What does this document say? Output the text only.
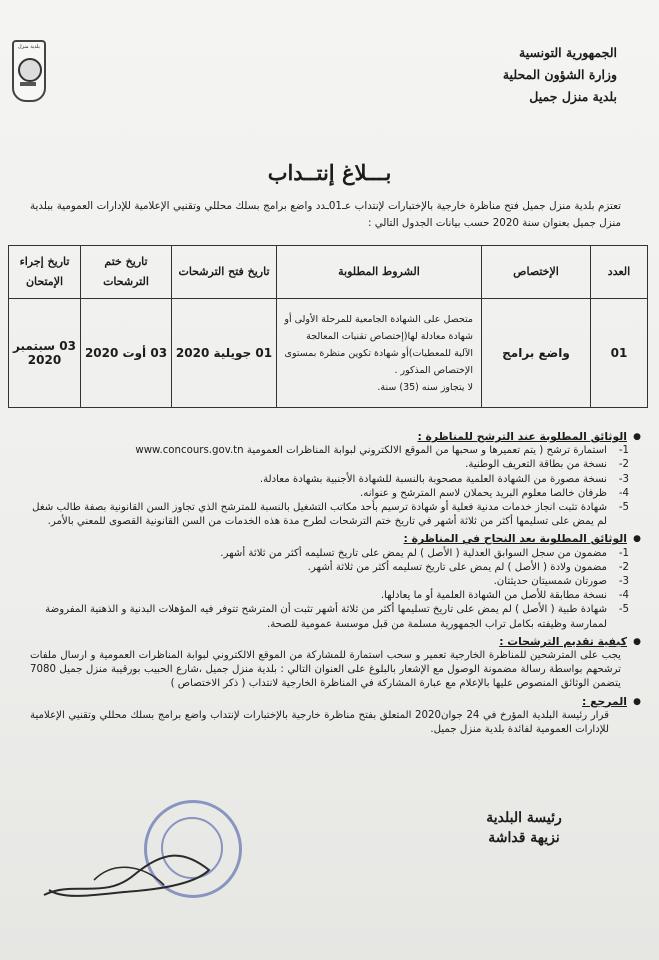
بلدية منزل	الجمهورية التونسية
وزارة الشؤون المحلية
بلدية منزل جميل
بـــلاغ إنتــداب
تعتزم بلدية منزل جميل فتح مناظرة خارجية بالإختبارات لإنتداب عـ01ـدد واضع برامج بسلك محللي وتقنيي الإعلامية للإدارات العمومية ببلدية منزل جميل بعنوان سنة 2020 حسب بيانات الجدول التالي :
العدد	الإختصاص	الشروط المطلوبة	تاريخ فتح الترشحات	تاريخ ختم الترشحات	تاريخ إجراء الإمتحان
01	واضع برامج	متحصل على الشهادة الجامعية للمرحلة الأولى أو
شهادة معادلة لها(إختصاص تقنيات المعالجة
الآلية للمعطيات)أو شهادة تكوين منظرة بمستوى
الإختصاص المذكور .
لا يتجاوز سنه (35) سنة.	01 جويلية 2020	03 أوت 2020	03 سبتمبر 2020
●
الوثائق المطلوبة عند الترشح للمناظرة :
1-
استمارة ترشح ( يتم تعميرها و سحبها من الموقع الالكتروني لبوابة المناظرات العمومية www.concours.gov.tn
2-
نسخة من بطاقة التعريف الوطنية.
3-
نسخة مصورة من الشهادة العلمية مصحوبة بالنسبة للشهادة الأجنبية بشهادة معادلة.
4-
ظرفان خالصا معلوم البريد يحملان لاسم المترشح و عنوانه.
5-
شهادة تثبت انجاز خدمات مدنية فعلية أو شهادة ترسيم بأحد مكاتب التشغيل بالنسبة للمترشح الذي تجاوز السن القانونية بصفة طالب شغل لم يمض على تسليمها أكثر من ثلاثة أشهر في تاريخ ختم الترشحات لطرح مدة هذه الخدمات من السن القانونية القصوى للمعني بالأمر.
●
الوثائق المطلوبة بعد النجاح في المناظرة :
1-
مضمون من سجل السوابق العدلية ( الأصل ) لم يمض على تاريخ تسليمه أكثر من ثلاثة أشهر.
2-
مضمون ولادة ( الأصل ) لم يمض على تاريخ تسليمه أكثر من ثلاثة أشهر.
3-
صورتان شمسيتان حديثتان.
4-
نسخة مطابقة للأصل من الشهادة العلمية أو ما يعادلها.
5-
شهادة طبية ( الأصل ) لم يمض على تاريخ تسليمها أكثر من ثلاثة أشهر تثبت أن المترشح تتوفر فيه المؤهلات البدنية و الذهنية المفروضة لممارسة وظيفته بكامل تراب الجمهورية مسلمة من قبل موسسة عمومية للصحة.
●
كيفية تقديم الترشحات :
يجب على المترشحين للمناظرة الخارجية تعمير و سحب استمارة للمشاركة من الموقع الالكتروني لبوابة المناظرات العمومية و ارسال ملفات ترشحهم بواسطة رسالة مضمونة الوصول مع الإشعار بالبلوغ على العنوان التالي : بلدية منزل جميل ،شارع الحبيب بورقيبة منزل جميل 7080 يتضمن الوثائق المنصوص عليها بالإعلام مع عبارة المشاركة في المناظرة الخارجية لانتداب ( ذكر الاختصاص )
●
المرجع :
قرار رئيسة البلدية المؤرخ في 24 جوان2020 المتعلق بفتح مناظرة خارجية بالإختبارات لإنتداب واضع برامج بسلك محللي وتقنيي الإعلامية للإدارات العمومية لفائدة بلدية منزل جميل.
رئيسة البلدية
نزيهة قداشة
